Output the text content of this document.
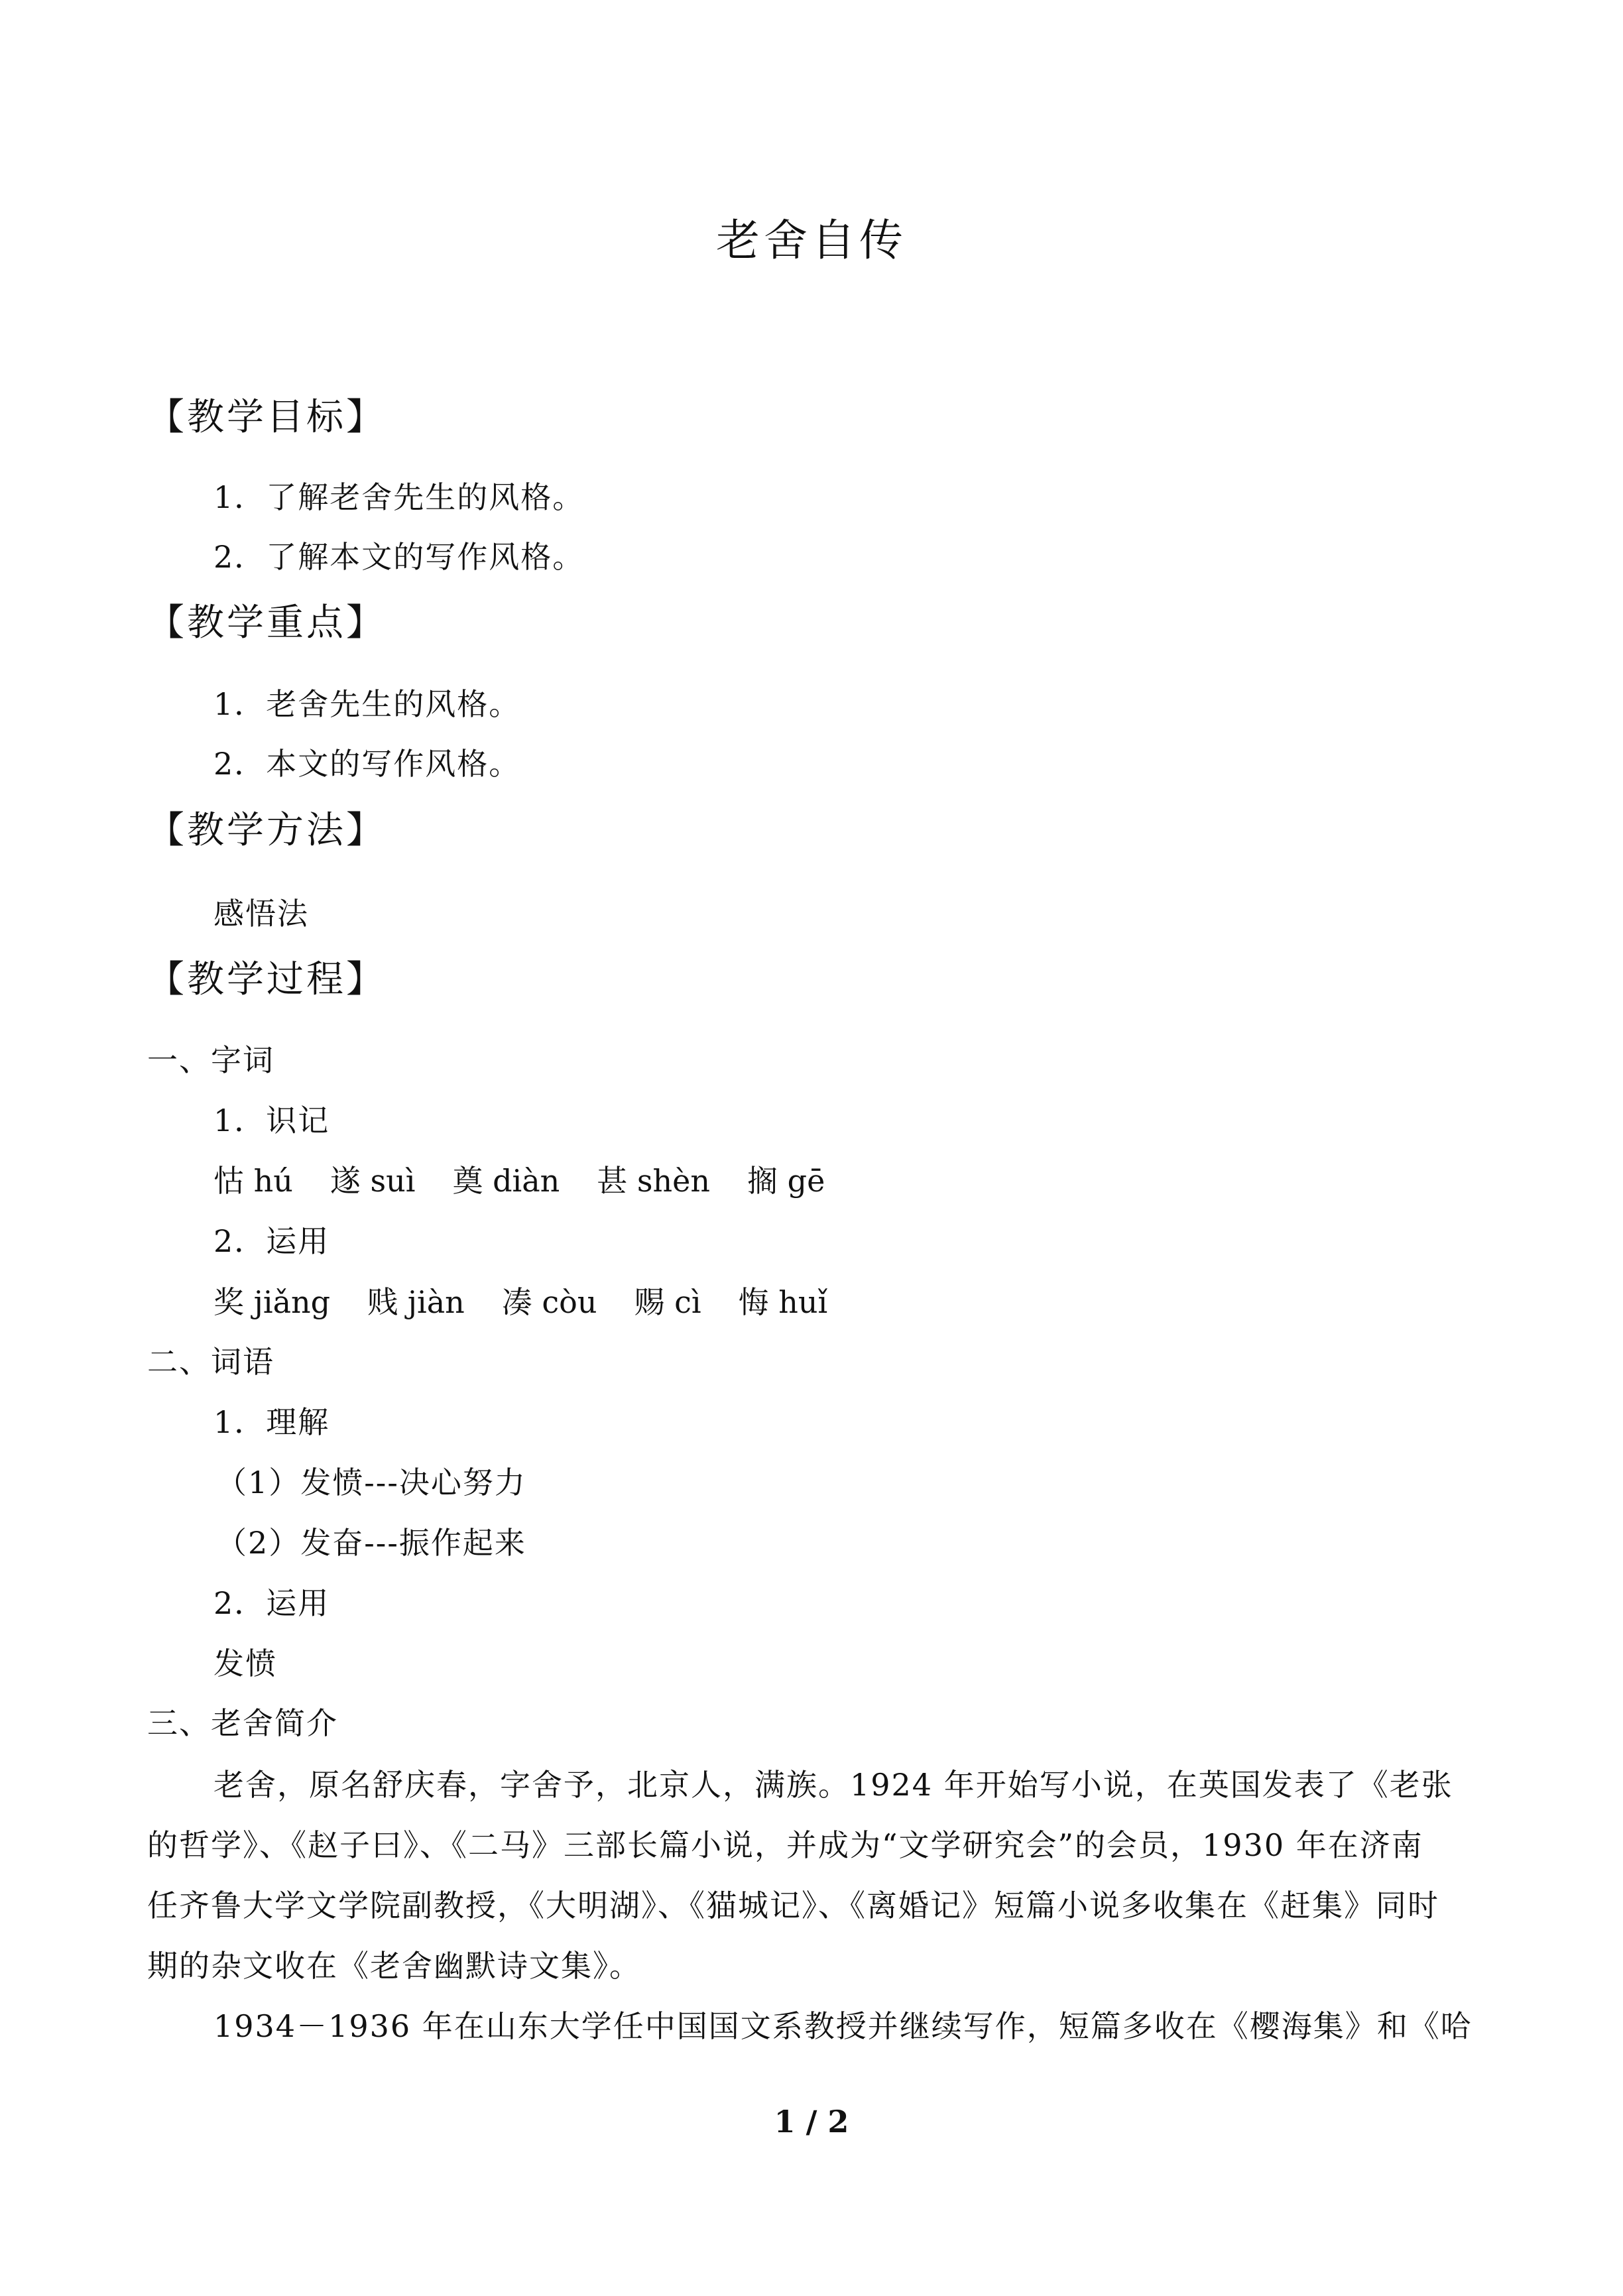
老舍自传
【教学目标】
1．了解老舍先生的风格。
2．了解本文的写作风格。
【教学重点】
1．老舍先生的风格。
2．本文的写作风格。
【教学方法】
感悟法
【教学过程】
一、字词
1．识记
怙 hú 遂 suì 奠 diàn 甚 shèn 搁 gē
2．运用
奖 jiǎng 贱 jiàn 凑 còu 赐 cì 悔 huǐ
二、词语
1．理解
（1）发愤---决心努力
（2）发奋---振作起来
2．运用
发愤
三、老舍简介
老舍，原名舒庆春，字舍予，北京人，满族。1924 年开始写小说，在英国发表了《老张
的哲学》、《赵子曰》、《二马》三部长篇小说，并成为“文学研究会”的会员，1930 年在济南
任齐鲁大学文学院副教授，《大明湖》、《猫城记》、《离婚记》短篇小说多收集在《赶集》同时
期的杂文收在《老舍幽默诗文集》。
1934－1936 年在山东大学任中国国文系教授并继续写作，短篇多收在《樱海集》和《哈
1 / 2
